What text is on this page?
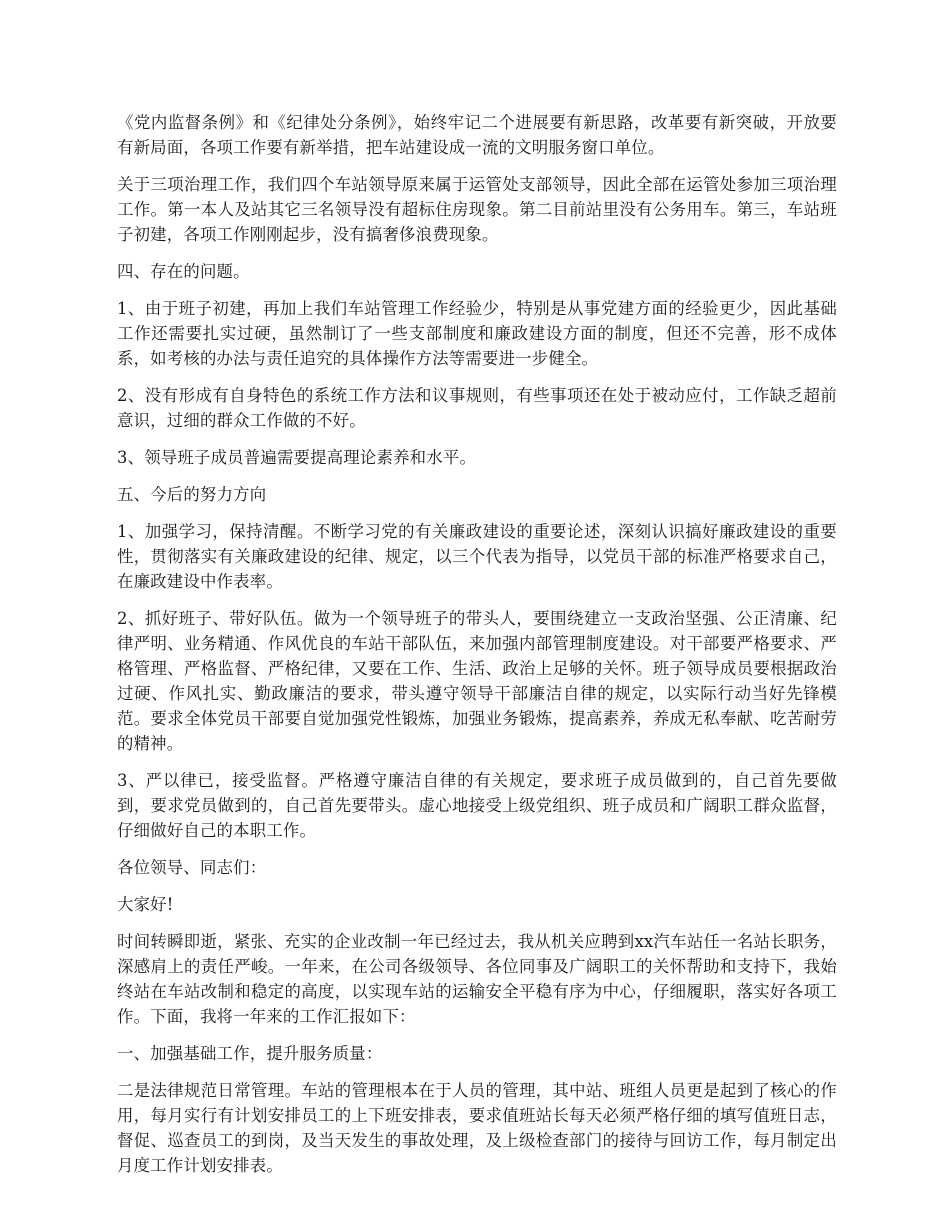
《党内监督条例》和《纪律处分条例》，始终牢记二个进展要有新思路，改革要有新突破，开放要有新局面，各项工作要有新举措，把车站建设成一流的文明服务窗口单位。

关于三项治理工作，我们四个车站领导原来属于运管处支部领导，因此全部在运管处参加三项治理工作。第一本人及站其它三名领导没有超标住房现象。第二目前站里没有公务用车。第三，车站班子初建，各项工作刚刚起步，没有搞奢侈浪费现象。

四、存在的问题。

1、由于班子初建，再加上我们车站管理工作经验少，特别是从事党建方面的经验更少，因此基础工作还需要扎实过硬，虽然制订了一些支部制度和廉政建设方面的制度，但还不完善，形不成体系，如考核的办法与责任追究的具体操作方法等需要进一步健全。

2、没有形成有自身特色的系统工作方法和议事规则，有些事项还在处于被动应付，工作缺乏超前意识，过细的群众工作做的不好。

3、领导班子成员普遍需要提高理论素养和水平。

五、今后的努力方向

1、加强学习，保持清醒。不断学习党的有关廉政建设的重要论述，深刻认识搞好廉政建设的重要性，贯彻落实有关廉政建设的纪律、规定，以三个代表为指导，以党员干部的标准严格要求自己，在廉政建设中作表率。

2、抓好班子、带好队伍。做为一个领导班子的带头人，要围绕建立一支政治坚强、公正清廉、纪律严明、业务精通、作风优良的车站干部队伍，来加强内部管理制度建设。对干部要严格要求、严格管理、严格监督、严格纪律，又要在工作、生活、政治上足够的关怀。班子领导成员要根据政治过硬、作风扎实、勤政廉洁的要求，带头遵守领导干部廉洁自律的规定，以实际行动当好先锋模范。要求全体党员干部要自觉加强党性锻炼，加强业务锻炼，提高素养，养成无私奉献、吃苦耐劳的精神。

3、严以律已，接受监督。严格遵守廉洁自律的有关规定，要求班子成员做到的，自己首先要做到，要求党员做到的，自己首先要带头。虚心地接受上级党组织、班子成员和广阔职工群众监督，仔细做好自己的本职工作。

各位领导、同志们：

大家好!

时间转瞬即逝，紧张、充实的企业改制一年已经过去，我从机关应聘到xx汽车站任一名站长职务，深感肩上的责任严峻。一年来，在公司各级领导、各位同事及广阔职工的关怀帮助和支持下，我始终站在车站改制和稳定的高度，以实现车站的运输安全平稳有序为中心，仔细履职，落实好各项工作。下面，我将一年来的工作汇报如下：

一、加强基础工作，提升服务质量：

二是法律规范日常管理。车站的管理根本在于人员的管理，其中站、班组人员更是起到了核心的作用，每月实行有计划安排员工的上下班安排表，要求值班站长每天必须严格仔细的填写值班日志，督促、巡查员工的到岗，及当天发生的事故处理，及上级检查部门的接待与回访工作，每月制定出月度工作计划安排表。
